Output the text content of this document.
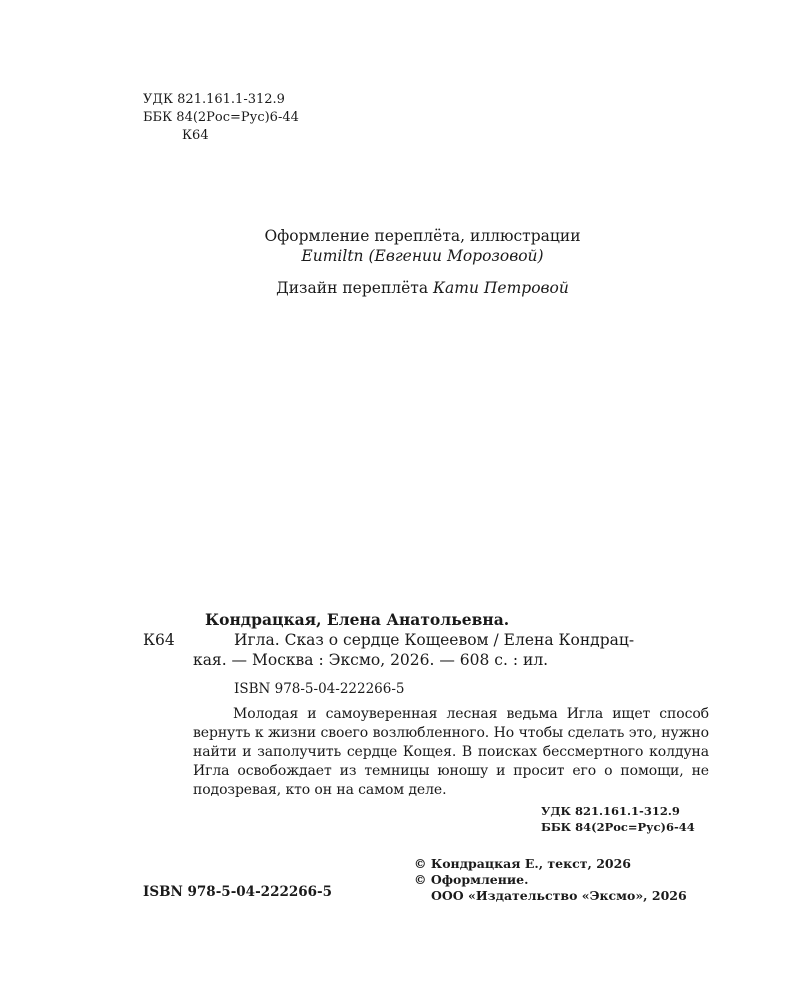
УДК 821.161.1-312.9
ББК 84(2Рос=Рус)6-44
К64
Оформление переплёта, иллюстрации
Eumiltn (Евгении Морозовой)
Дизайн переплёта Кати Петровой
Кондрацкая, Елена Анатольевна.
К64	Игла. Сказ о сердце Кощеевом / Елена Кондрац-
кая. — Москва : Эксмо, 2026. — 608 с. : ил.
ISBN 978-5-04-222266-5
Молодая и самоуверенная лесная ведьма Игла ищет способ вернуть к жизни своего возлюбленного. Но чтобы сделать это, нужно найти и заполучить сердце Кощея. В поисках бессмертного колдуна Игла освобождает из темницы юношу и просит его о помощи, не подозревая, кто он на самом деле.
УДК 821.161.1-312.9
ББК 84(2Рос=Рус)6-44
ISBN 978-5-04-222266-5
© Кондрацкая Е., текст, 2026
© Оформление.
ООО «Издательство «Эксмо», 2026
